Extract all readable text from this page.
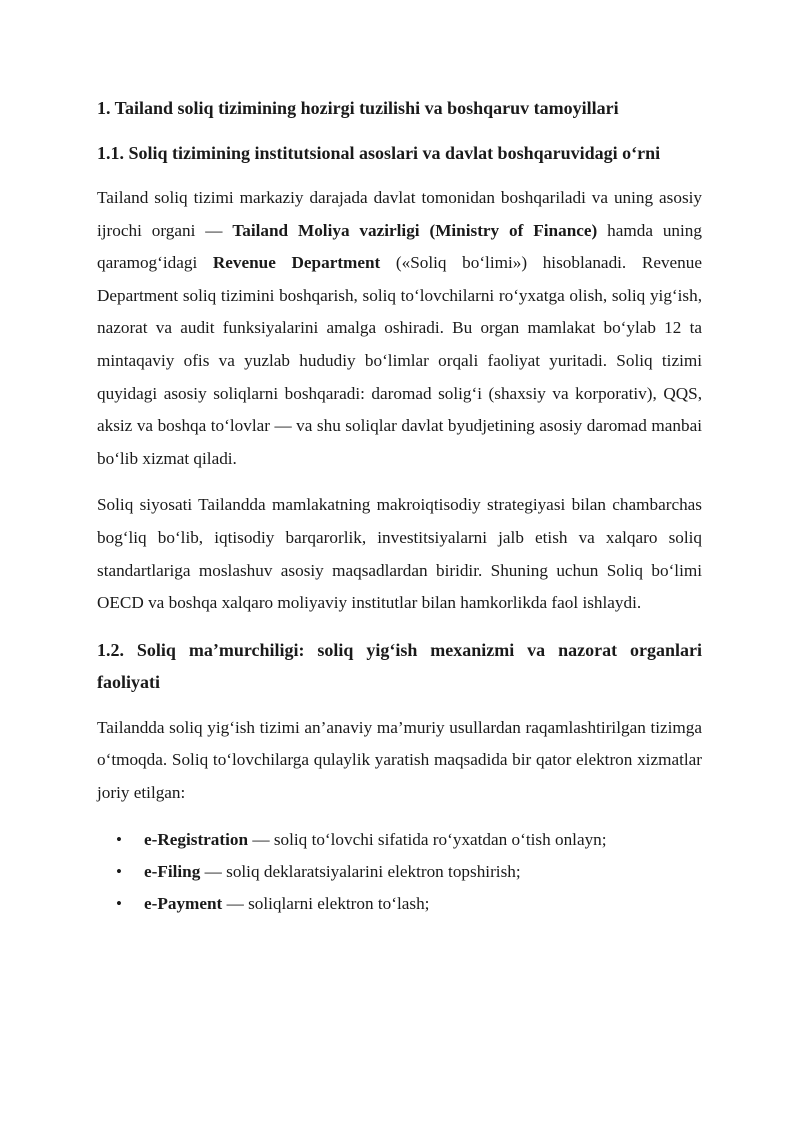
1. Tailand soliq tizimining hozirgi tuzilishi va boshqaruv tamoyillari
1.1. Soliq tizimining institutsional asoslari va davlat boshqaruvidagi o‘rni

Tailand soliq tizimi markaziy darajada davlat tomonidan boshqariladi va uning asosiy ijrochi organi — Tailand Moliya vazirligi (Ministry of Finance) hamda uning qaramog‘idagi Revenue Department («Soliq bo‘limi») hisoblanadi. Revenue Department soliq tizimini boshqarish, soliq to‘lovchilarni ro‘yxatga olish, soliq yig‘ish, nazorat va audit funksiyalarini amalga oshiradi. Bu organ mamlakat bo‘ylab 12 ta mintaqaviy ofis va yuzlab hududiy bo‘limlar orqali faoliyat yuritadi. Soliq tizimi quyidagi asosiy soliqlarni boshqaradi: daromad solig‘i (shaxsiy va korporativ), QQS, aksiz va boshqa to‘lovlar — va shu soliqlar davlat byudjetining asosiy daromad manbai bo‘lib xizmat qiladi.

Soliq siyosati Tailandda mamlakatning makroiqtisodiy strategiyasi bilan chambarchas bog‘liq bo‘lib, iqtisodiy barqarorlik, investitsiyalarni jalb etish va xalqaro soliq standartlariga moslashuv asosiy maqsadlardan biridir. Shuning uchun Soliq bo‘limi OECD va boshqa xalqaro moliyaviy institutlar bilan hamkorlikda faol ishlaydi.

1.2. Soliq ma’murchiligi: soliq yig‘ish mexanizmi va nazorat organlari faoliyati

Tailandda soliq yig‘ish tizimi an’anaviy ma’muriy usullardan raqamlashtirilgan tizimga o‘tmoqda. Soliq to‘lovchilarga qulaylik yaratish maqsadida bir qator elektron xizmatlar joriy etilgan:

• e-Registration — soliq to‘lovchi sifatida ro‘yxatdan o‘tish onlayn;
• e-Filing — soliq deklaratsiyalarini elektron topshirish;
• e-Payment — soliqlarni elektron to‘lash;
